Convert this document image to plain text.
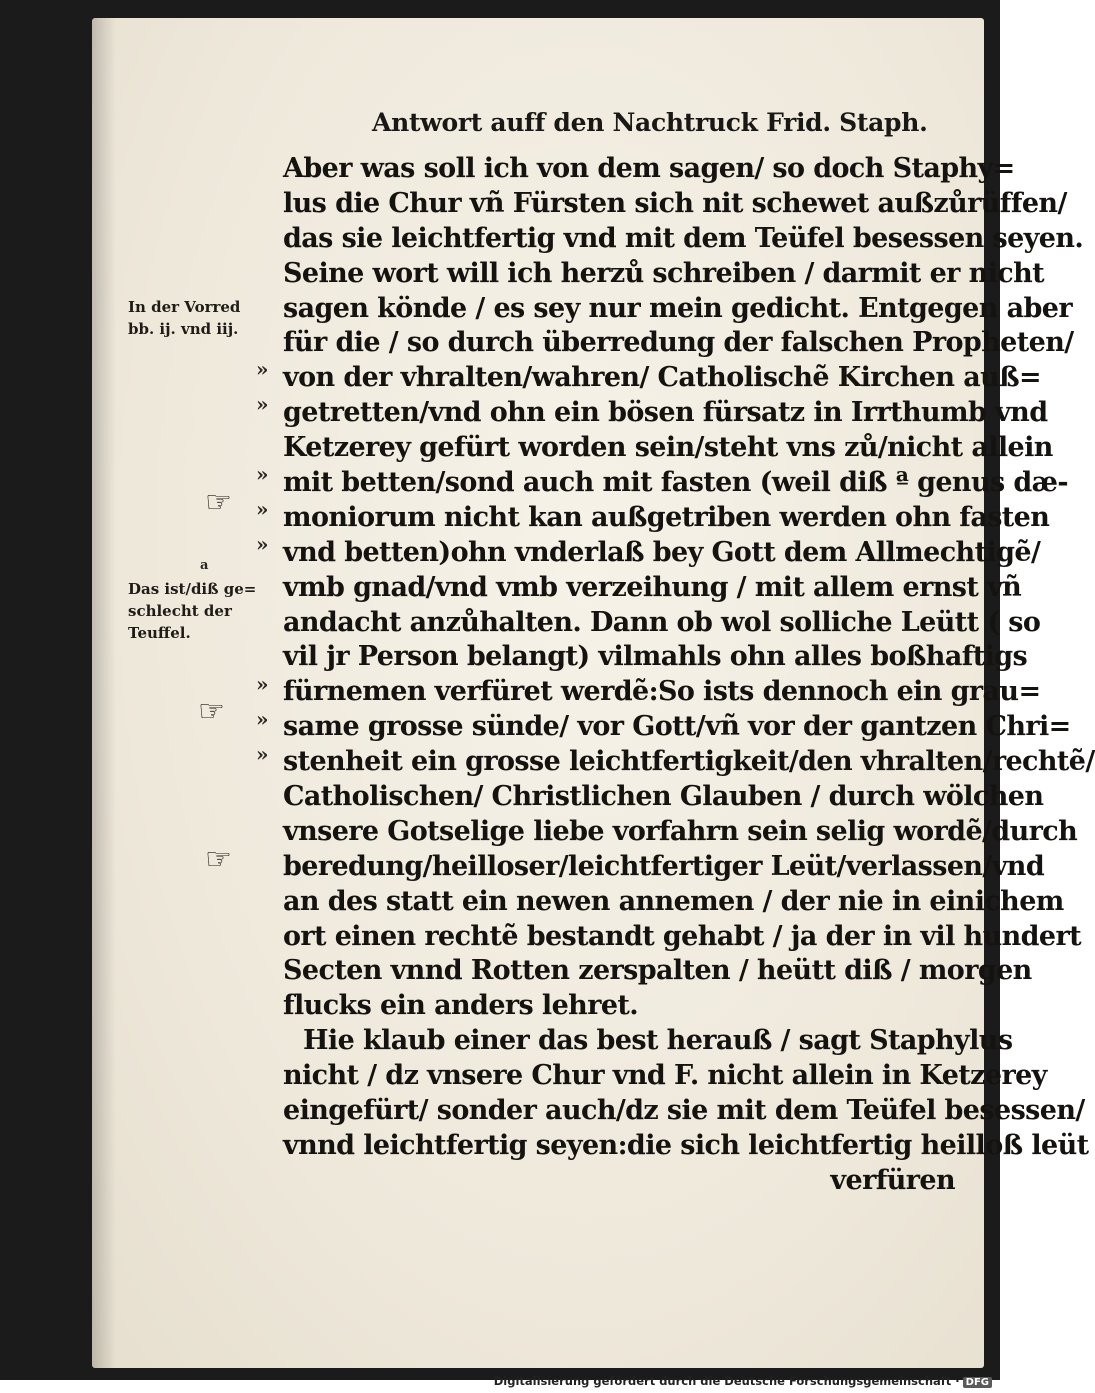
Antwort auff den Nachtruck Frid. Staph.
Aber was soll ich von dem sagen/ so doch Staphy=
lus die Chur vñ Fürsten sich nit schewet außzůrüffen/
das sie leichtfertig vnd mit dem Teüfel besessen seyen.
Seine wort will ich herzů schreiben / darmit er nicht
sagen könde / es sey nur mein gedicht. Entgegen aber
für die / so durch überredung der falschen Propheten/
von der vhralten/wahren/ Catholischẽ Kirchen auß=
getretten/vnd ohn ein bösen fürsatz in Irrthumb vnd
Ketzerey gefürt worden sein/steht vns zů/nicht allein
mit betten/sond auch mit fasten (weil diß ª genus dæ-
moniorum nicht kan außgetriben werden ohn fasten
vnd betten)ohn vnderlaß bey Gott dem Allmechtigẽ/
vmb gnad/vnd vmb verzeihung / mit allem ernst vñ
andacht anzůhalten. Dann ob wol solliche Leütt ( so
vil jr Person belangt) vilmahls ohn alles boßhaftigs
fürnemen verfüret werdẽ:So ists dennoch ein grau=
same grosse sünde/ vor Gott/vñ vor der gantzen Chri=
stenheit ein grosse leichtfertigkeit/den vhralten/rechtẽ/
Catholischen/ Christlichen Glauben / durch wölchen
vnsere Gotselige liebe vorfahrn sein selig wordẽ/durch
beredung/heilloser/leichtfertiger Leüt/verlassen/vnd
an des statt ein newen annemen / der nie in einichem
ort einen rechtẽ bestandt gehabt / ja der in vil hundert
Secten vnnd Rotten zerspalten / heütt diß / morgen
flucks ein anders lehret.
Hie klaub einer das best herauß / sagt Staphylus
nicht / dz vnsere Chur vnd F. nicht allein in Ketzerey
eingefürt/ sonder auch/dz sie mit dem Teüfel besessen/
vnnd leichtfertig seyen:die sich leichtfertig heilloß leüt
verfüren
In der Vorred
bb. ij. vnd iij.
a
Das ist/diß ge=
schlecht der
Teuffel.
»
»
»
»
»
»
»
»
☞
☞
☞
Digitalisierung gefördert durch die Deutsche Forschungsgemeinschaft · DFG
